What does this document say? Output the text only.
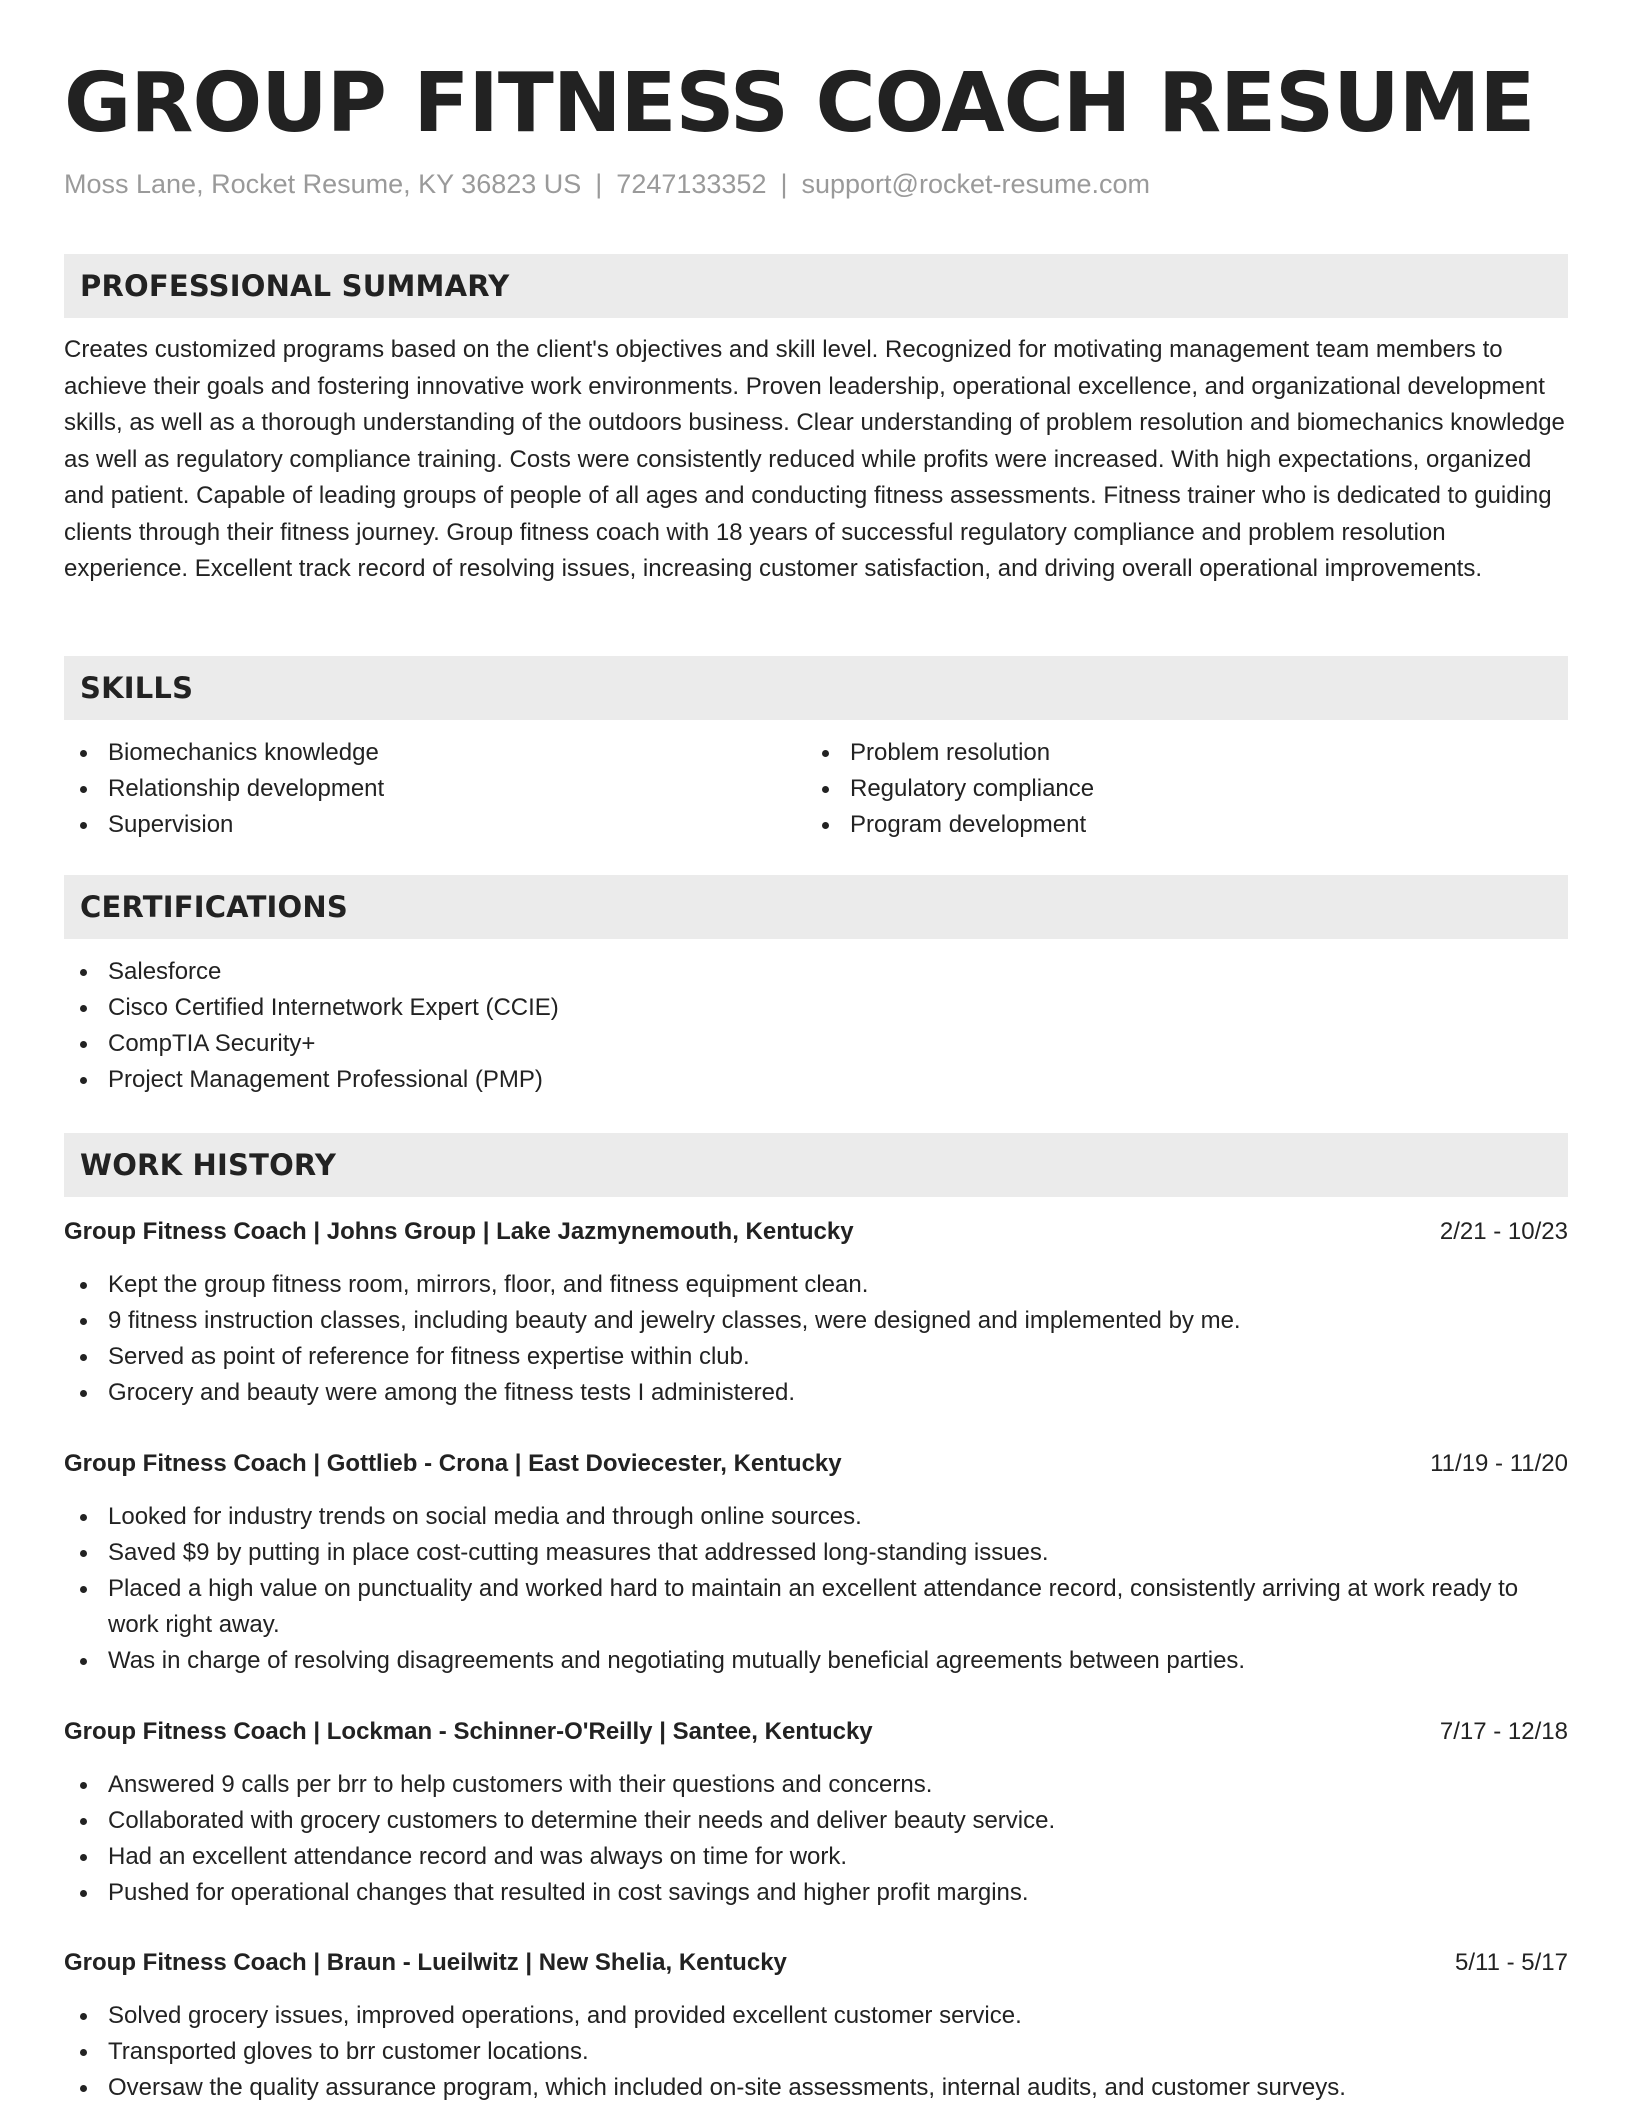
GROUP FITNESS COACH RESUME
Moss Lane, Rocket Resume, KY 36823 US | 7247133352 | support@rocket-resume.com
PROFESSIONAL SUMMARY

Creates customized programs based on the client's objectives and skill level. Recognized for motivating management team members to achieve their goals and fostering innovative work environments. Proven leadership, operational excellence, and organizational development skills, as well as a thorough understanding of the outdoors business. Clear understanding of problem resolution and biomechanics knowledge as well as regulatory compliance training. Costs were consistently reduced while profits were increased. With high expectations, organized and patient. Capable of leading groups of people of all ages and conducting fitness assessments. Fitness trainer who is dedicated to guiding clients through their fitness journey. Group fitness coach with 18 years of successful regulatory compliance and problem resolution experience. Excellent track record of resolving issues, increasing customer satisfaction, and driving overall operational improvements.

SKILLS
Biomechanics knowledge
Relationship development
Supervision
Problem resolution
Regulatory compliance
Program development
CERTIFICATIONS
Salesforce
Cisco Certified Internetwork Expert (CCIE)
CompTIA Security+
Project Management Professional (PMP)
WORK HISTORY
Group Fitness Coach | Johns Group | Lake Jazmynemouth, Kentucky	2/21 - 10/23
Kept the group fitness room, mirrors, floor, and fitness equipment clean.
9 fitness instruction classes, including beauty and jewelry classes, were designed and implemented by me.
Served as point of reference for fitness expertise within club.
Grocery and beauty were among the fitness tests I administered.
Group Fitness Coach | Gottlieb - Crona | East Doviecester, Kentucky	11/19 - 11/20
Looked for industry trends on social media and through online sources.
Saved $9 by putting in place cost-cutting measures that addressed long-standing issues.
Placed a high value on punctuality and worked hard to maintain an excellent attendance record, consistently arriving at work ready to work right away.
Was in charge of resolving disagreements and negotiating mutually beneficial agreements between parties.
Group Fitness Coach | Lockman - Schinner-O'Reilly | Santee, Kentucky	7/17 - 12/18
Answered 9 calls per brr to help customers with their questions and concerns.
Collaborated with grocery customers to determine their needs and deliver beauty service.
Had an excellent attendance record and was always on time for work.
Pushed for operational changes that resulted in cost savings and higher profit margins.
Group Fitness Coach | Braun - Lueilwitz | New Shelia, Kentucky	5/11 - 5/17
Solved grocery issues, improved operations, and provided excellent customer service.
Transported gloves to brr customer locations.
Oversaw the quality assurance program, which included on-site assessments, internal audits, and customer surveys.
